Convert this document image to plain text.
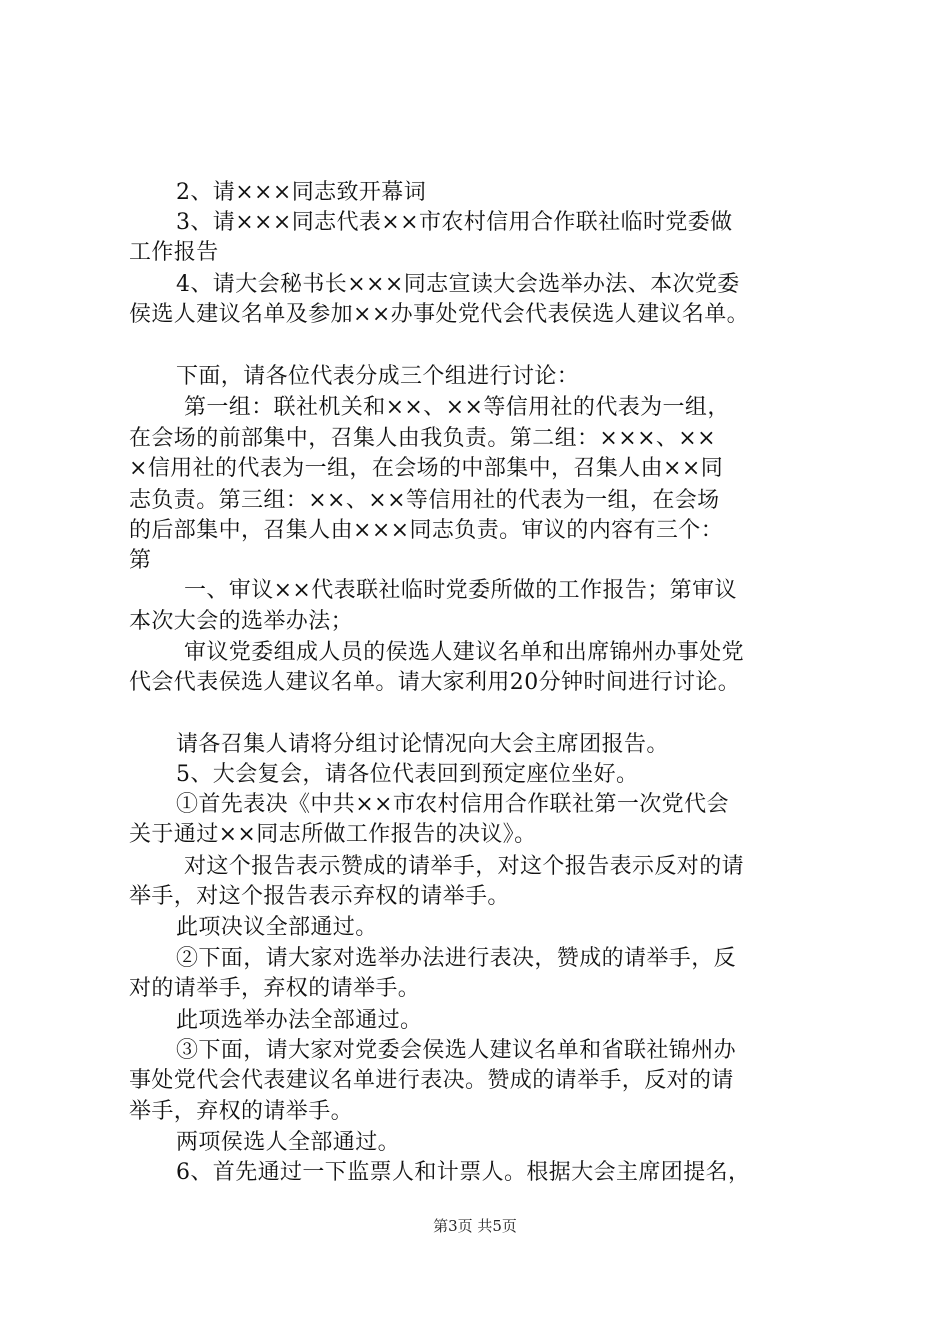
2、请×××同志致开幕词
3、请×××同志代表××市农村信用合作联社临时党委做
工作报告
4、请大会秘书长×××同志宣读大会选举办法、本次党委
侯选人建议名单及参加××办事处党代会代表侯选人建议名单。
下面，请各位代表分成三个组进行讨论：
第一组：联社机关和××、××等信用社的代表为一组，
在会场的前部集中，召集人由我负责。第二组：×××、××
×信用社的代表为一组，在会场的中部集中，召集人由××同
志负责。第三组：××、××等信用社的代表为一组，在会场
的后部集中，召集人由×××同志负责。审议的内容有三个：
第
一、审议××代表联社临时党委所做的工作报告；第审议
本次大会的选举办法；
审议党委组成人员的侯选人建议名单和出席锦州办事处党
代会代表侯选人建议名单。请大家利用20分钟时间进行讨论。
请各召集人请将分组讨论情况向大会主席团报告。
5、大会复会，请各位代表回到预定座位坐好。
①首先表决《中共××市农村信用合作联社第一次党代会
关于通过××同志所做工作报告的决议》。
对这个报告表示赞成的请举手，对这个报告表示反对的请
举手，对这个报告表示弃权的请举手。
此项决议全部通过。
②下面，请大家对选举办法进行表决，赞成的请举手，反
对的请举手，弃权的请举手。
此项选举办法全部通过。
③下面，请大家对党委会侯选人建议名单和省联社锦州办
事处党代会代表建议名单进行表决。赞成的请举手，反对的请
举手，弃权的请举手。
两项侯选人全部通过。
6、首先通过一下监票人和计票人。根据大会主席团提名，
第3页 共5页
